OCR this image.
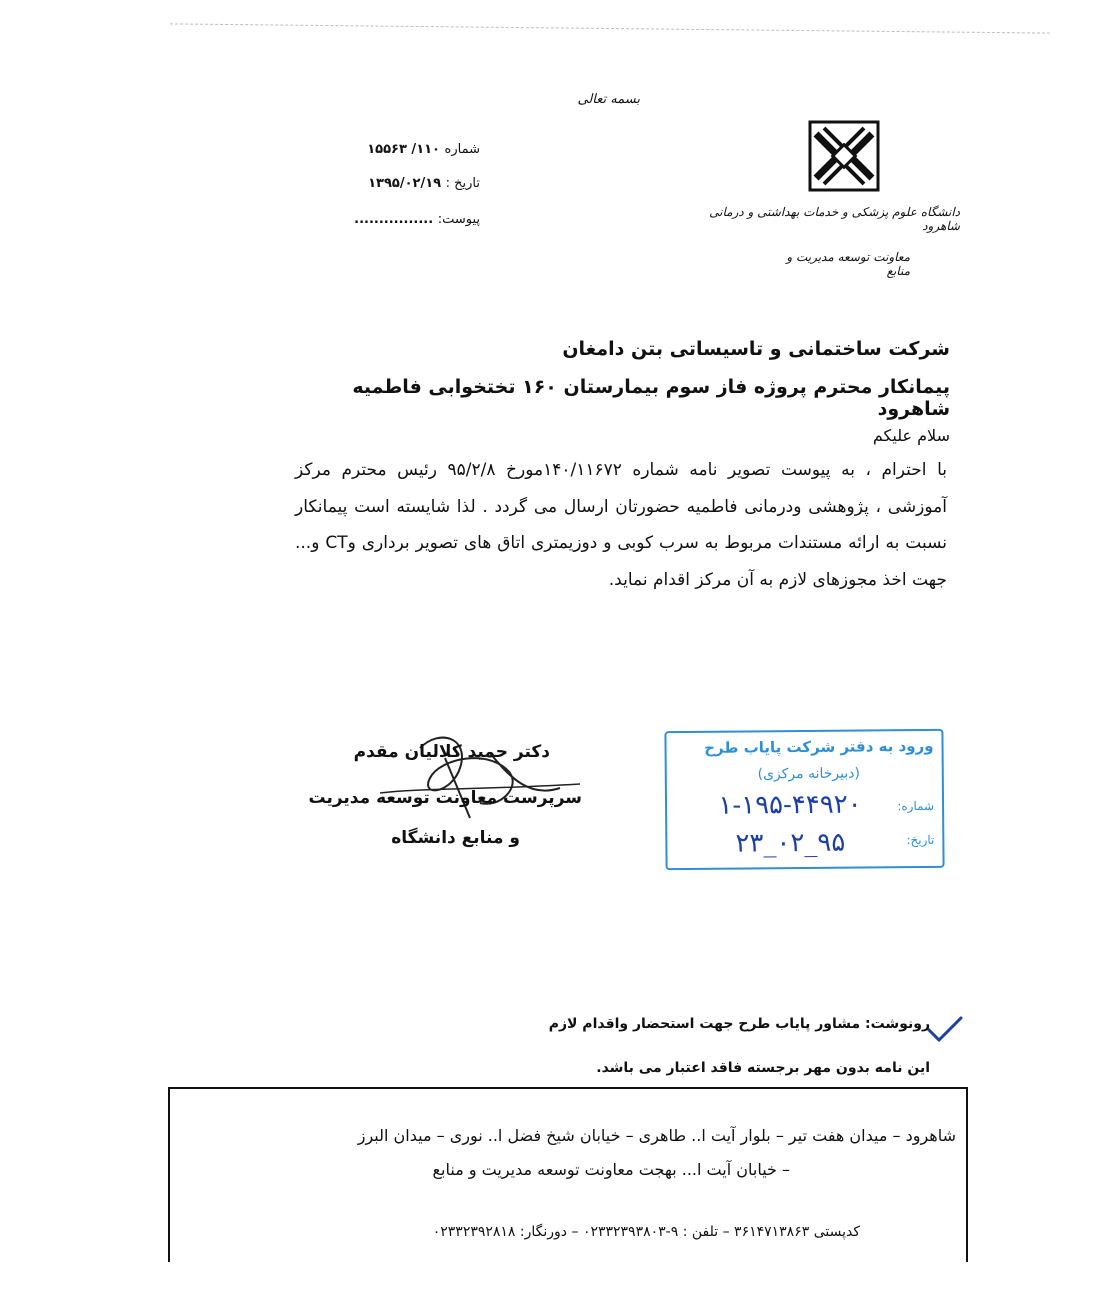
بسمه تعالی
دانشگاه علوم پزشکی و خدمات بهداشتی و درمانی شاهرود
معاونت توسعه مدیریت و منابع
شماره ۱۱۰/ ۱۵۵۶۳
تاریخ : ۱۳۹۵/۰۲/۱۹
پیوست: ................
شرکت ساختمانی و تاسیساتی بتن دامغان
پیمانکار محترم پروژه فاز سوم بیمارستان ۱۶۰ تختخوابی فاطمیه شاهرود
سلام علیکم
با احترام ، به پیوست تصویر نامه شماره ۱۴۰/۱۱۶۷۲مورخ ۹۵/۲/۸ رئیس محترم مرکز آموزشی ، پژوهشی ودرمانی فاطمیه حضورتان ارسال می گردد . لذا شایسته است پیمانکار نسبت به ارائه مستندات مربوط به سرب کوبی و دوزیمتری اتاق های تصویر برداری وCT و... جهت اخذ مجوزهای لازم به آن مرکز اقدام نماید.
دکتر حمید کلالیان مقدم
سرپرست معاونت توسعه مدیریت
و منابع دانشگاه
ورود به دفتر شرکت پایاب طرح
(دبیرخانه مرکزی)
شماره:
۱-۱۹۵-۴۴۹۲۰
تاریخ:
۹۵_۰۲_۲۳
رونوشت: مشاور پایاب طرح جهت استحضار واقدام لازم
این نامه بدون مهر برجسته فاقد اعتبار می باشد.
شاهرود – میدان هفت تیر – بلوار آیت ا.. طاهری – خیابان شیخ فضل ا.. نوری – میدان البرز
– خیابان آیت ا... بهجت معاونت توسعه مدیریت و منابع
کدپستی ۳۶۱۴۷۱۳۸۶۳ – تلفن : ۹-۰۲۳۳۲۳۹۳۸۰۳ – دورنگار: ۰۲۳۳۲۳۹۲۸۱۸
